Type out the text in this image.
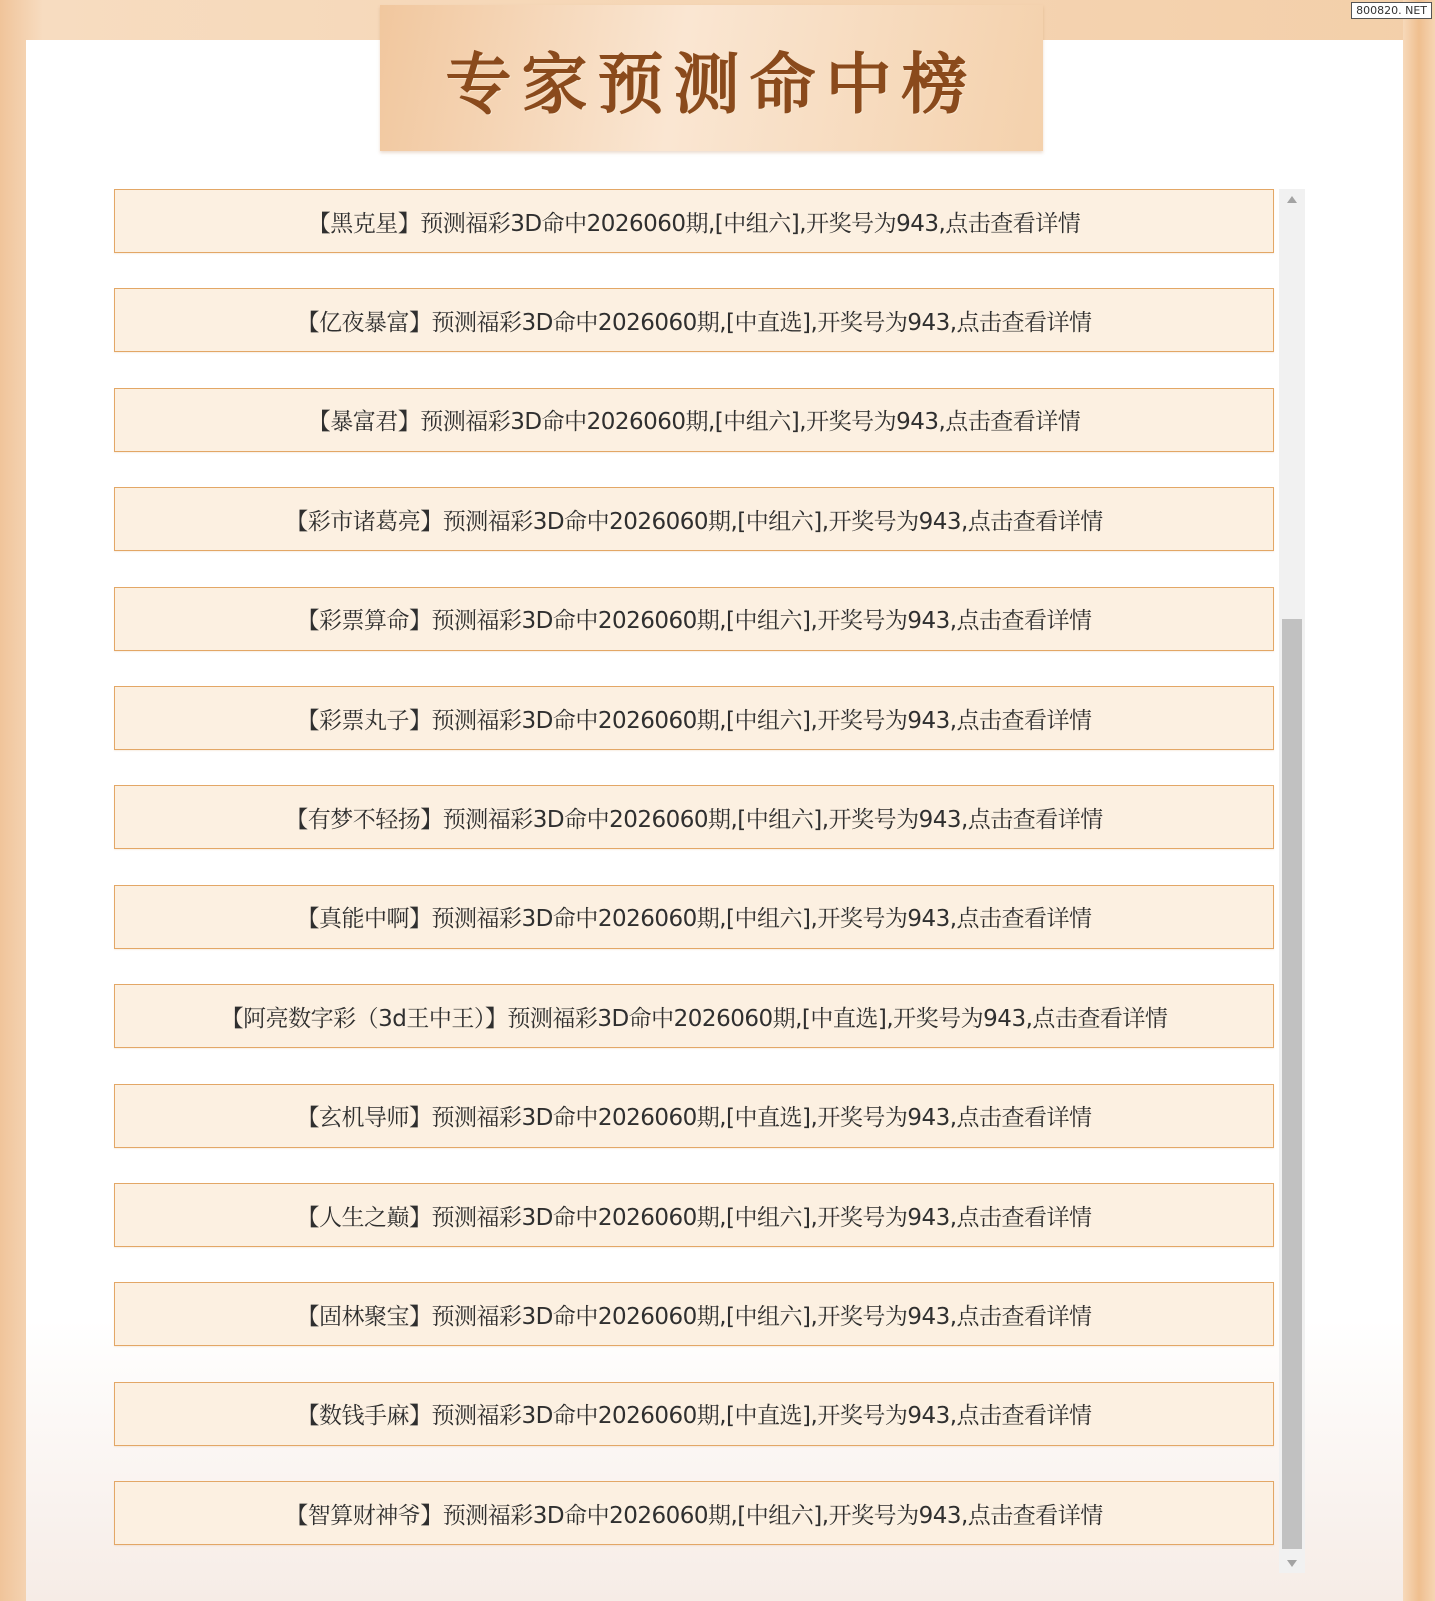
专家预测命中榜
800820. NET
【黑克星】预测福彩3D命中2026060期,[中组六],开奖号为943,点击查看详情
【亿夜暴富】预测福彩3D命中2026060期,[中直选],开奖号为943,点击查看详情
【暴富君】预测福彩3D命中2026060期,[中组六],开奖号为943,点击查看详情
【彩市诸葛亮】预测福彩3D命中2026060期,[中组六],开奖号为943,点击查看详情
【彩票算命】预测福彩3D命中2026060期,[中组六],开奖号为943,点击查看详情
【彩票丸子】预测福彩3D命中2026060期,[中组六],开奖号为943,点击查看详情
【有梦不轻扬】预测福彩3D命中2026060期,[中组六],开奖号为943,点击查看详情
【真能中啊】预测福彩3D命中2026060期,[中组六],开奖号为943,点击查看详情
【阿亮数字彩（3d王中王）】预测福彩3D命中2026060期,[中直选],开奖号为943,点击查看详情
【玄机导师】预测福彩3D命中2026060期,[中直选],开奖号为943,点击查看详情
【人生之巅】预测福彩3D命中2026060期,[中组六],开奖号为943,点击查看详情
【固林聚宝】预测福彩3D命中2026060期,[中组六],开奖号为943,点击查看详情
【数钱手麻】预测福彩3D命中2026060期,[中直选],开奖号为943,点击查看详情
【智算财神爷】预测福彩3D命中2026060期,[中组六],开奖号为943,点击查看详情
